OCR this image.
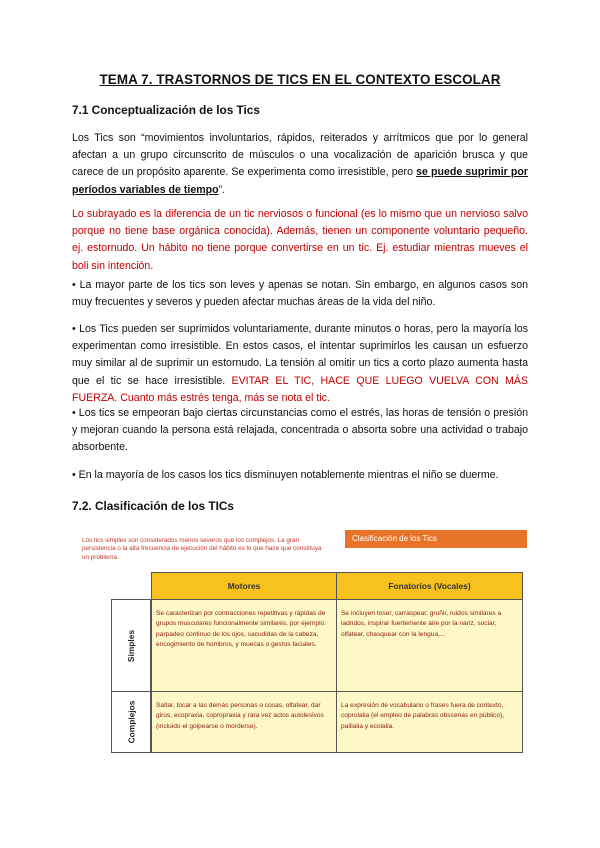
TEMA 7. TRASTORNOS DE TICS EN EL CONTEXTO ESCOLAR
7.1 Conceptualización de los Tics
Los Tics son “movimientos involuntarios, rápidos, reiterados y arrítmicos que por lo general afectan a un grupo circunscrito de músculos o una vocalización de aparición brusca y que carece de un propósito aparente. Se experimenta como irresistible, pero se puede suprimir por períodos variables de tiempo”.
Lo subrayado es la diferencia de un tic nerviosos o funcional (es lo mismo que un nervioso salvo porque no tiene base orgánica conocida). Además, tienen un componente voluntario pequeño. ej. estornudo. Un hábito no tiene porque convertirse en un tic. Ej. estudiar mientras mueves el boli sin intención.
• La mayor parte de los tics son leves y apenas se notan. Sin embargo, en algunos casos son muy frecuentes y severos y pueden afectar muchas áreas de la vida del niño.
• Los Tics pueden ser suprimidos voluntariamente, durante minutos o horas, pero la mayoría los experimentan como irresistible. En estos casos, el intentar suprimirlos les causan un esfuerzo muy similar al de suprimir un estornudo. La tensión al omitir un tics a corto plazo aumenta hasta que el tic se hace irresistible. EVITAR EL TIC, HACE QUE LUEGO VUELVA CON MÁS FUERZA. Cuanto más estrés tenga, más se nota el tic.
• Los tics se empeoran bajo ciertas circunstancias como el estrés, las horas de tensión o presión y mejoran cuando la persona está relajada, concentrada o absorta sobre una actividad o trabajo absorbente.
• En la mayoría de los casos los tics disminuyen notablemente mientras el niño se duerme.
7.2. Clasificación de los TICs
Los tics simples son considerados menos severos que los complejos. La gran persistencia o la alta frecuencia de ejecución del hábito es lo que hace que constituya un problema.
Clasificación de los Tics
Motores	Fonatorios (Vocales)
Simples
Complejos
Se caracterizan por contracciones repetitivas y rápidas de grupos musculares funcionalmente similares, por ejemplo: parpadeo continuo de los ojos, sacudidas de la cabeza, encogimiento de hombros, y muecas o gestos faciales.
Se incluyen toser, carraspear, gruñir, ruidos similares a ladridos, inspirar fuertemente aire por la nariz, sociar, olfatear, chasquear con la lengua,...
Saltar, tocar a las demás personas o cosas, olfatear, dar giros, ecopraxia, copropraxia y rara vez actos autolesivos (incluido el golpearse o morderse).
La expresión de vocabulario o frases fuera de contexto, coprolalia (el empleo de palabras obscenas en público), palilalia y ecolalia.
